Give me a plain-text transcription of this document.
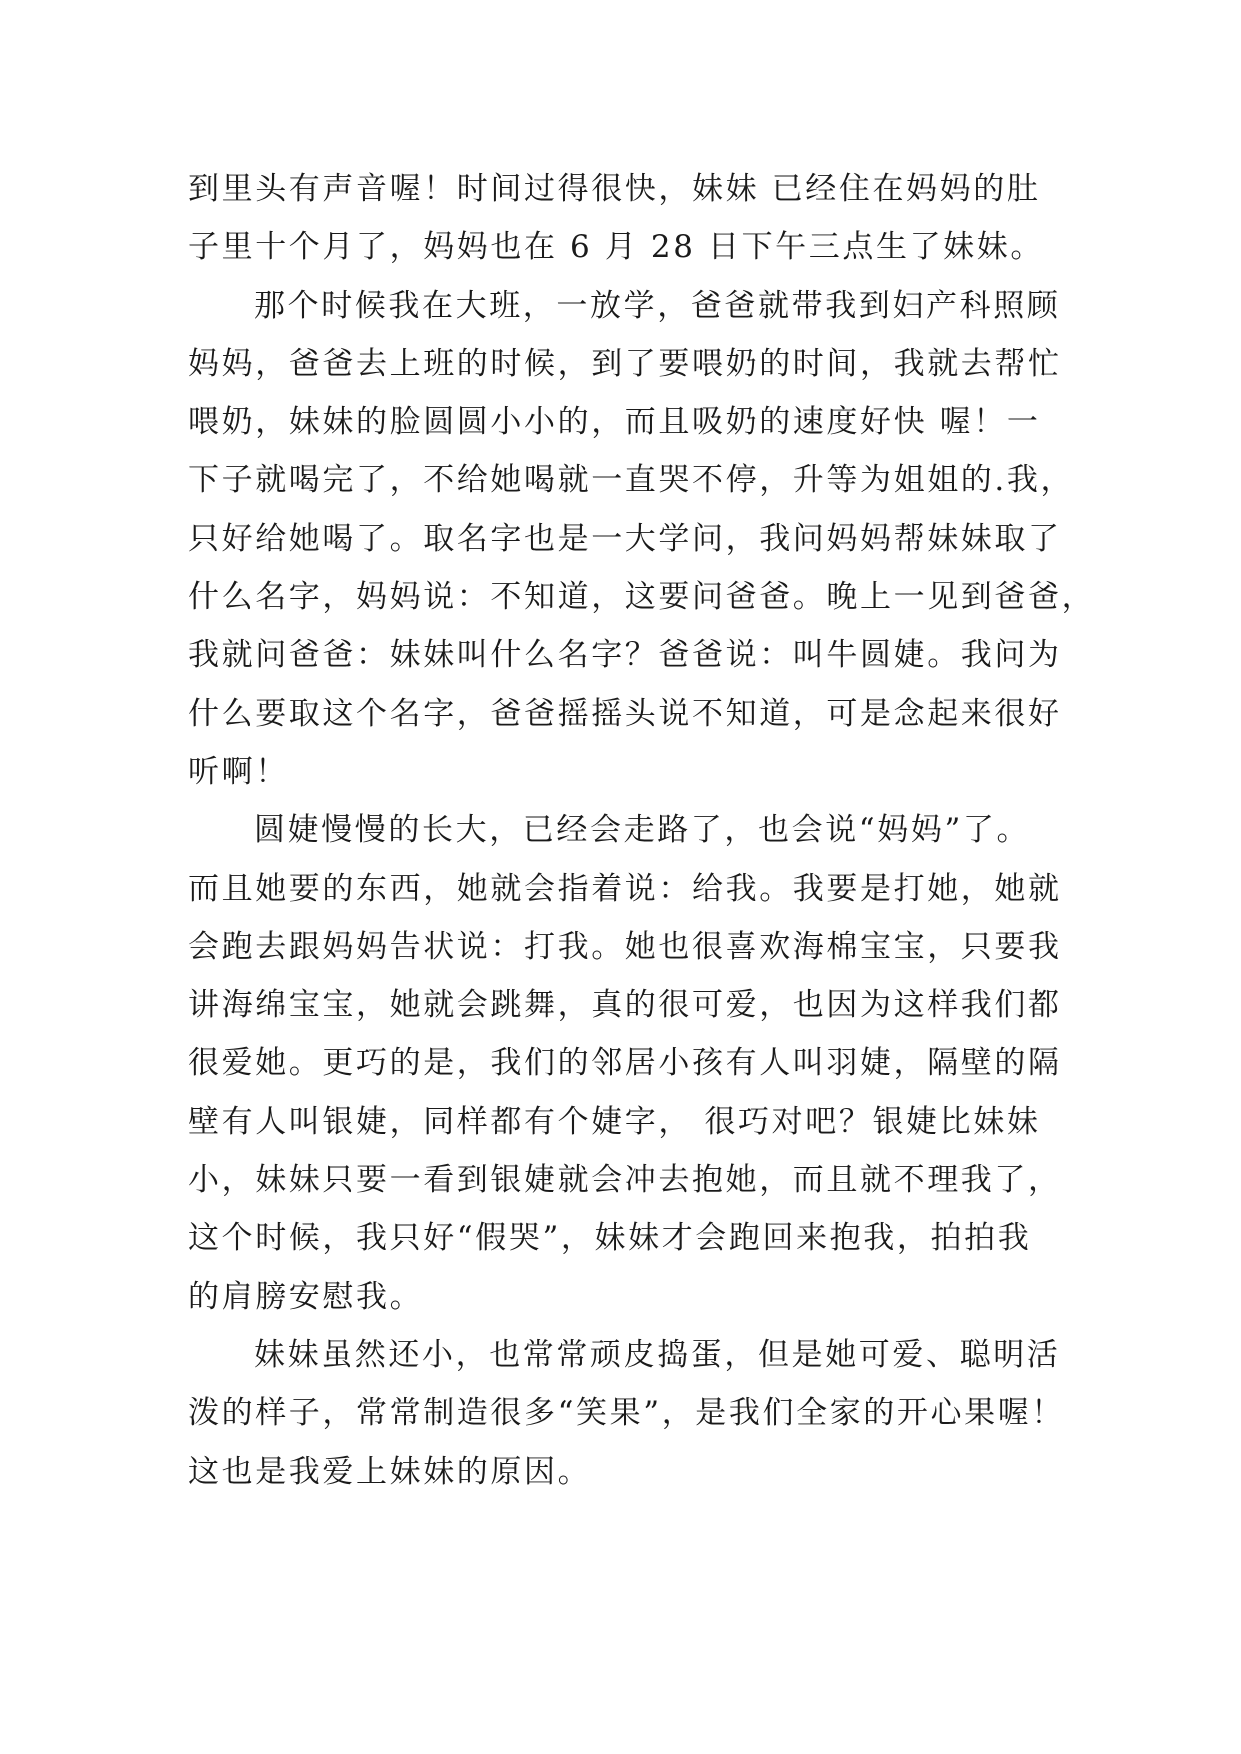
到里头有声音喔！时间过得很快，妹妹 已经住在妈妈的肚
子里十个月了，妈妈也在 6 月 28 日下午三点生了妹妹。
那个时候我在大班，一放学，爸爸就带我到妇产科照顾
妈妈，爸爸去上班的时候，到了要喂奶的时间，我就去帮忙
喂奶，妹妹的脸圆圆小小的，而且吸奶的速度好快 喔！一
下子就喝完了，不给她喝就一直哭不停，升等为姐姐的.我，
只好给她喝了。取名字也是一大学问，我问妈妈帮妹妹取了
什么名字，妈妈说：不知道，这要问爸爸。晚上一见到爸爸，
我就问爸爸：妹妹叫什么名字？爸爸说：叫牛圆婕。我问为
什么要取这个名字，爸爸摇摇头说不知道，可是念起来很好
听啊！
圆婕慢慢的长大，已经会走路了，也会说“妈妈”了。
而且她要的东西，她就会指着说：给我。我要是打她，她就
会跑去跟妈妈告状说：打我。她也很喜欢海棉宝宝，只要我
讲海绵宝宝，她就会跳舞，真的很可爱，也因为这样我们都
很爱她。更巧的是，我们的邻居小孩有人叫羽婕，隔壁的隔
壁有人叫银婕，同样都有个婕字， 很巧对吧？银婕比妹妹
小，妹妹只要一看到银婕就会冲去抱她，而且就不理我了，
这个时候，我只好“假哭”，妹妹才会跑回来抱我，拍拍我
的肩膀安慰我。
妹妹虽然还小，也常常顽皮捣蛋，但是她可爱、聪明活
泼的样子，常常制造很多“笑果”，是我们全家的开心果喔！
这也是我爱上妹妹的原因。
